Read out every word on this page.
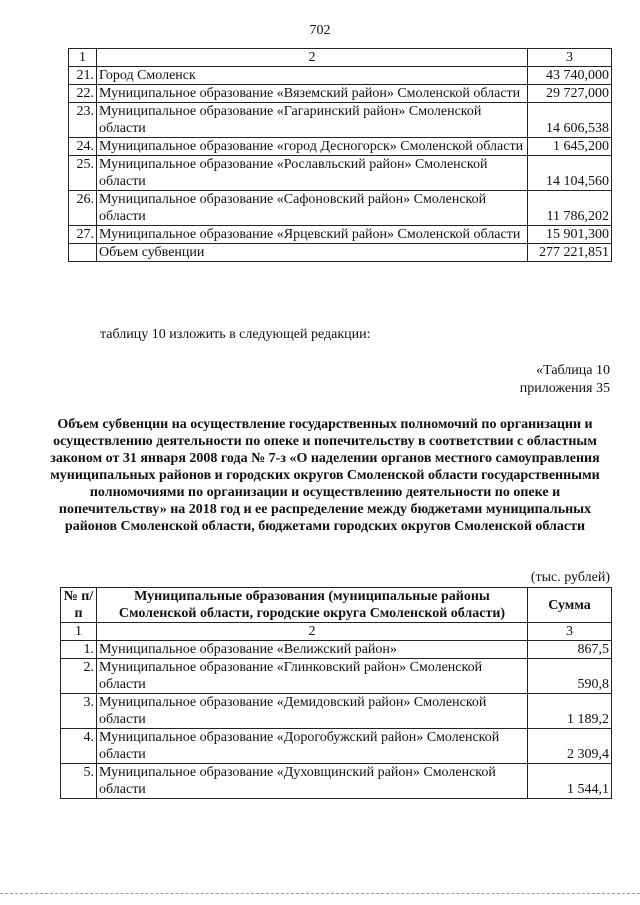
702
1	2	3
21.	Город Смоленск	43 740,000
22.	Муниципальное образование «Вяземский район» Смоленской области	29 727,000
23.	Муниципальное образование «Гагаринский район» Смоленской области	14 606,538
24.	Муниципальное образование «город Десногорск» Смоленской области	1 645,200
25.	Муниципальное образование «Рославльский район» Смоленской области	14 104,560
26.	Муниципальное образование «Сафоновский район» Смоленской области	11 786,202
27.	Муниципальное образование «Ярцевский район» Смоленской области	15 901,300
	Объем субвенции	277 221,851
таблицу 10 изложить в следующей редакции:
«Таблица 10
приложения 35
Объем субвенции на осуществление государственных полномочий по организации и осуществлению деятельности по опеке и попечительству в соответствии с областным законом от 31 января 2008 года № 7-з «О наделении органов местного самоуправления муниципальных районов и городских округов Смоленской области государственными полномочиями по организации и осуществлению деятельности по опеке и попечительству» на 2018 год и ее распределение между бюджетами муниципальных районов Смоленской области, бюджетами городских округов Смоленской области
(тыс. рублей)
№ п/п	Муниципальные образования (муниципальные районы Смоленской области, городские округа Смоленской области)	Сумма
1	2	3
1.	Муниципальное образование «Велижский район»	867,5
2.	Муниципальное образование «Глинковский район» Смоленской области	590,8
3.	Муниципальное образование «Демидовский район» Смоленской области	1 189,2
4.	Муниципальное образование «Дорогобужский район» Смоленской области	2 309,4
5.	Муниципальное образование «Духовщинский район» Смоленской области	1 544,1
